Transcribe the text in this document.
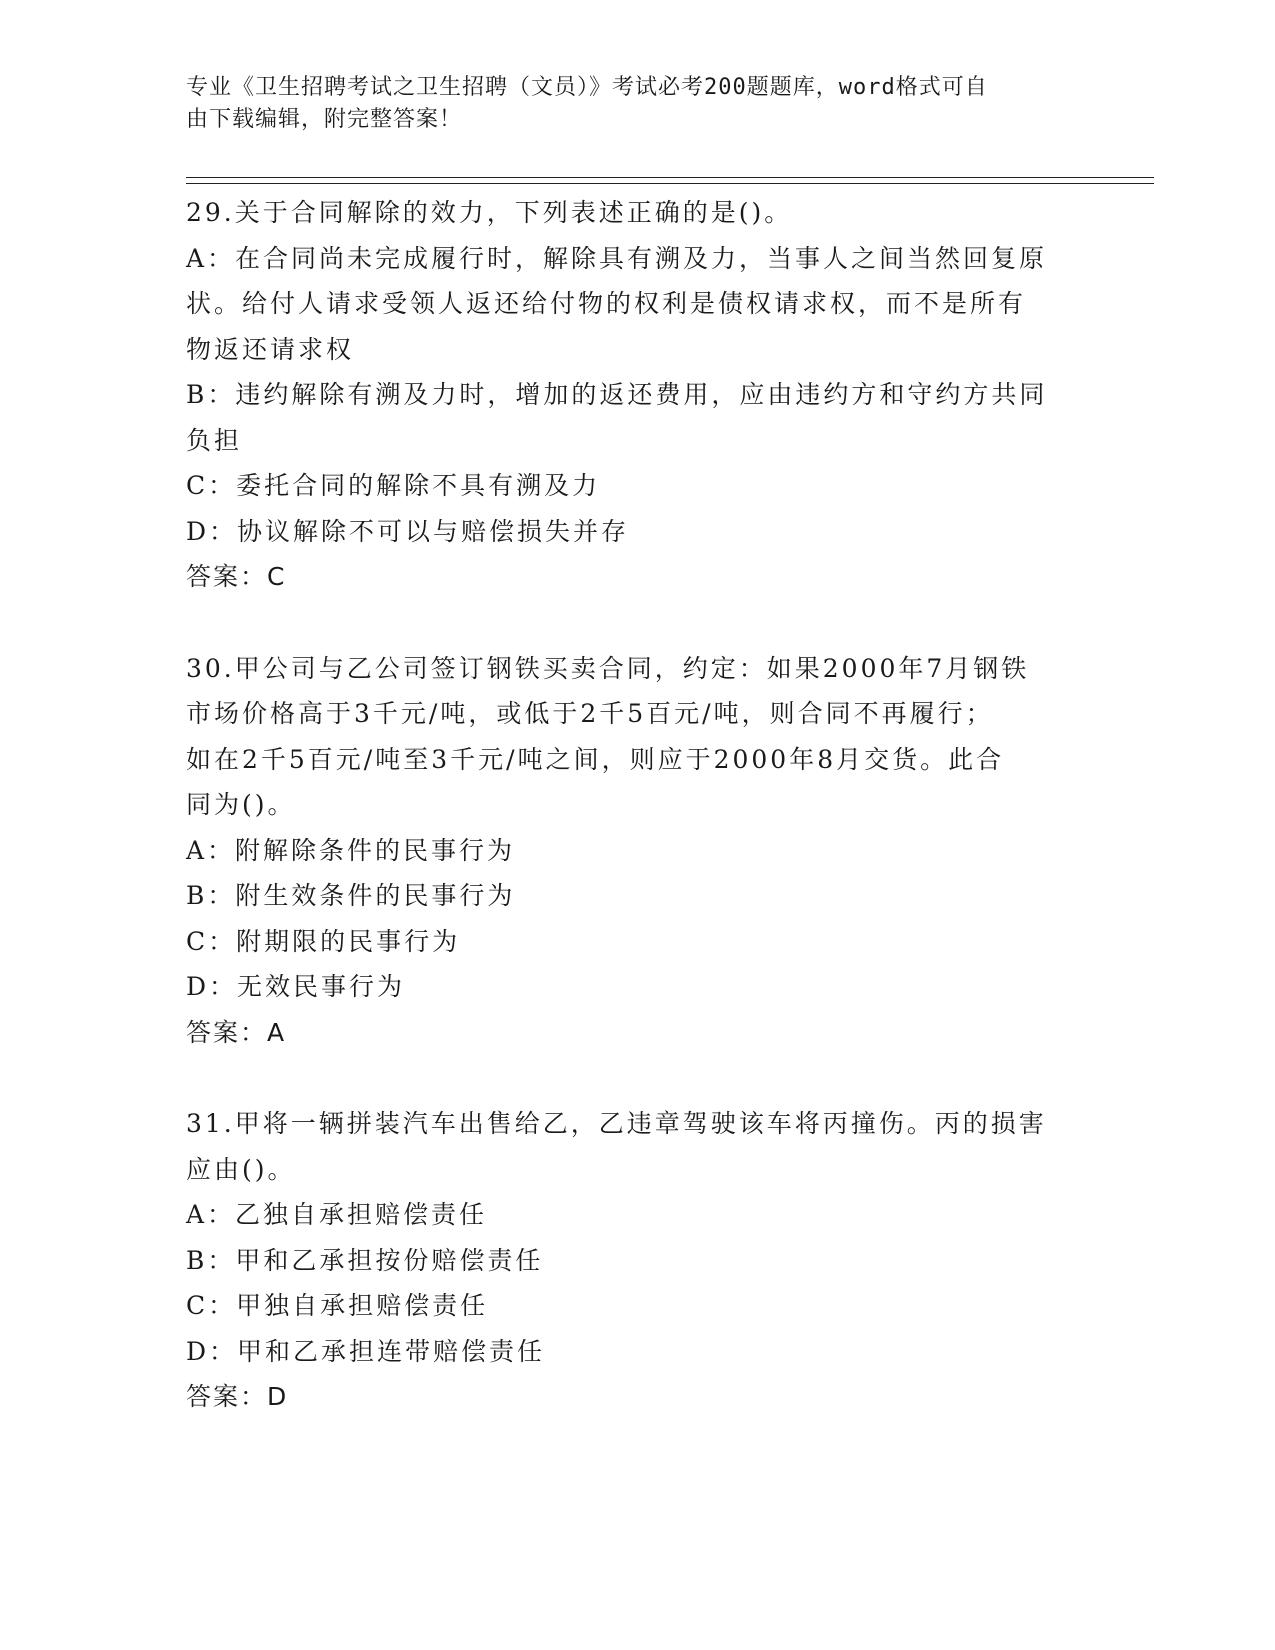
专业《卫生招聘考试之卫生招聘（文员）》考试必考200题题库，word格式可自
由下载编辑，附完整答案！
29.关于合同解除的效力，下列表述正确的是()。
A：在合同尚未完成履行时，解除具有溯及力，当事人之间当然回复原
状。给付人请求受领人返还给付物的权利是债权请求权，而不是所有
物返还请求权
B：违约解除有溯及力时，增加的返还费用，应由违约方和守约方共同
负担
C：委托合同的解除不具有溯及力
D：协议解除不可以与赔偿损失并存
答案：C
30.甲公司与乙公司签订钢铁买卖合同，约定：如果2000年7月钢铁
市场价格高于3千元/吨，或低于2千5百元/吨，则合同不再履行；
如在2千5百元/吨至3千元/吨之间，则应于2000年8月交货。此合
同为()。
A：附解除条件的民事行为
B：附生效条件的民事行为
C：附期限的民事行为
D：无效民事行为
答案：A
31.甲将一辆拼装汽车出售给乙，乙违章驾驶该车将丙撞伤。丙的损害
应由()。
A：乙独自承担赔偿责任
B：甲和乙承担按份赔偿责任
C：甲独自承担赔偿责任
D：甲和乙承担连带赔偿责任
答案：D
